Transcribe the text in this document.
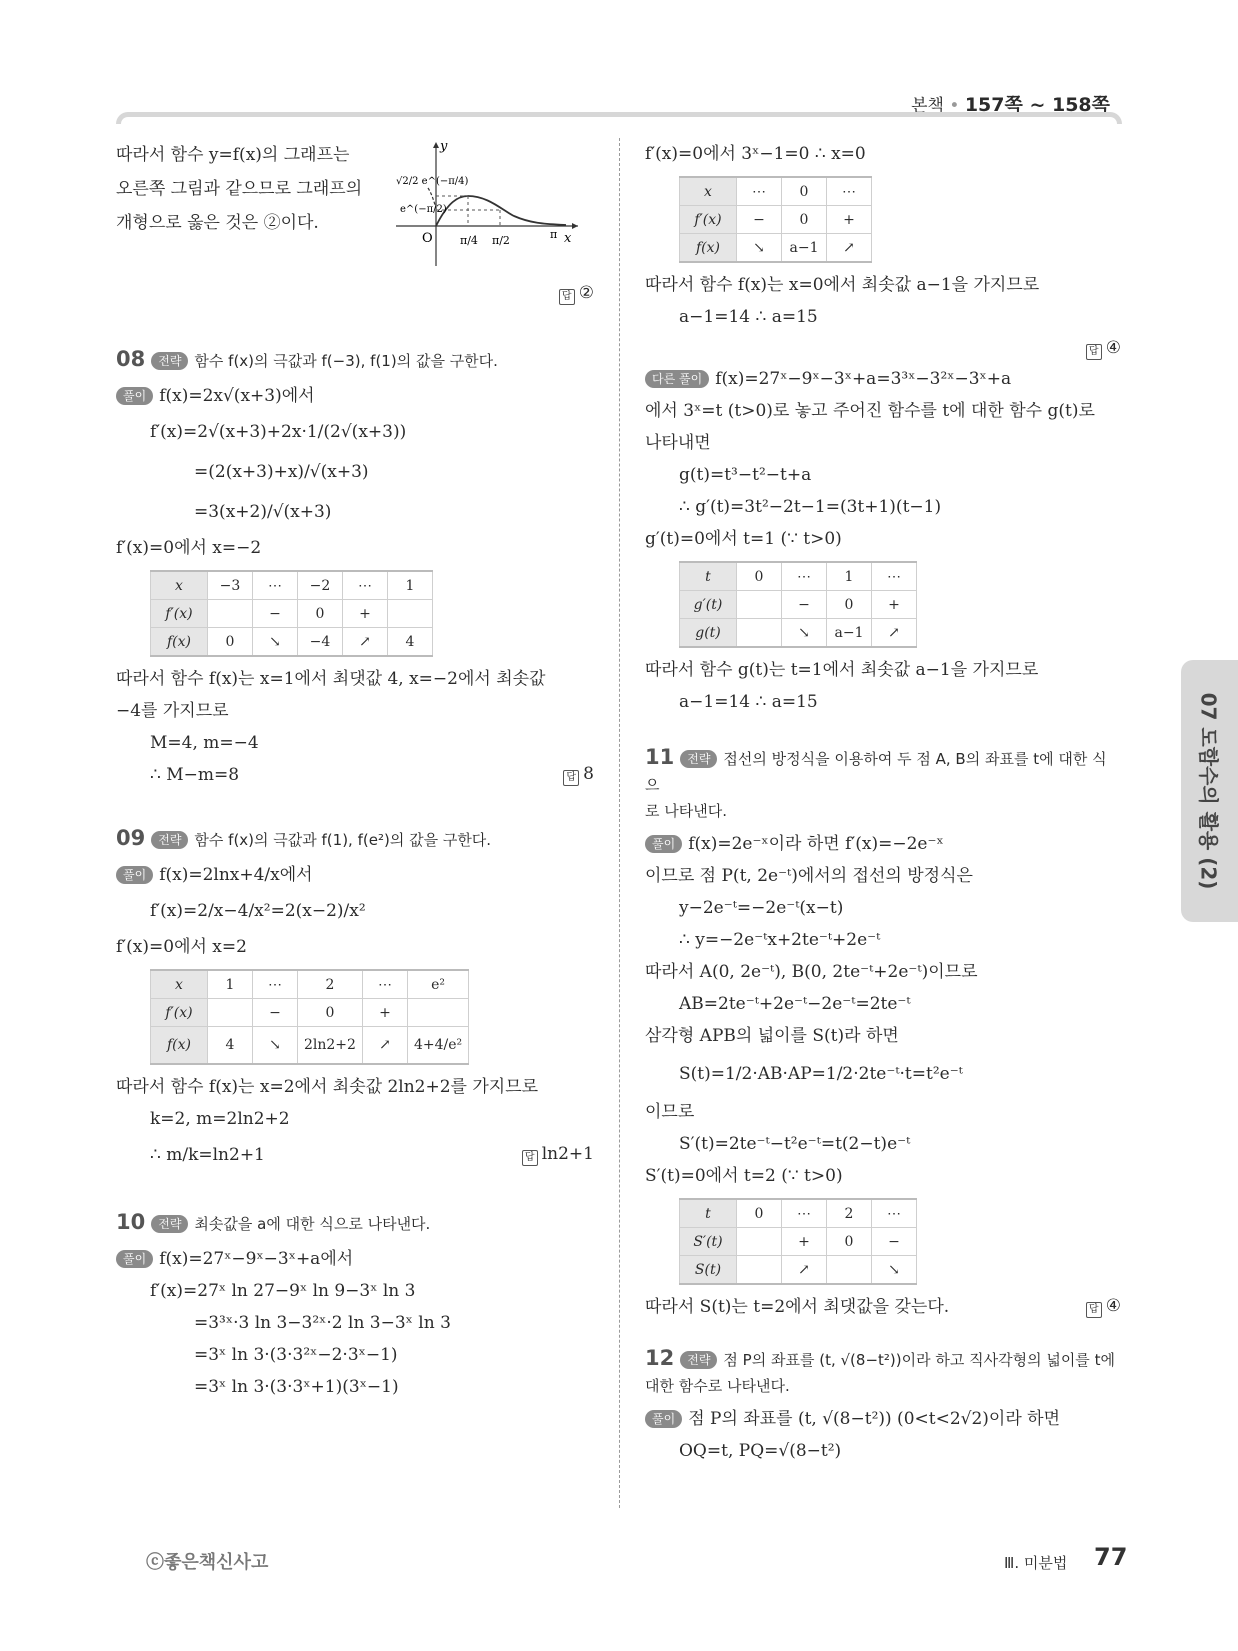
본책 • 157쪽 ~ 158쪽
07 도함수의 활용 (2)
따라서 함수 y=f(x)의 그래프는
오른쪽 그림과 같으므로 그래프의
개형으로 옳은 것은 ②이다.
y
x
O
√2/2 e^(−π/4)
e^(−π/2)
π/4 π/2	π
답 ②
08 전략 함수 f(x)의 극값과 f(−3), f(1)의 값을 구한다.
풀이 f(x)=2x√(x+3)에서
f′(x)=2√(x+3)+2x·1/(2√(x+3))
=(2(x+3)+x)/√(x+3)
=3(x+2)/√(x+3)
f′(x)=0에서 x=−2
x	−3	⋯	−2	⋯	1
f′(x)		−	0	+	
f(x)	0	↘	−4	↗	4
따라서 함수 f(x)는 x=1에서 최댓값 4, x=−2에서 최솟값
−4를 가지므로
M=4, m=−4
∴ M−m=8	답 8
09 전략 함수 f(x)의 극값과 f(1), f(e²)의 값을 구한다.
풀이 f(x)=2lnx+4/x에서
f′(x)=2/x−4/x²=2(x−2)/x²
f′(x)=0에서 x=2
x	1	⋯	2	⋯	e²
f′(x)		−	0	+	
f(x)	4	↘	2ln2+2	↗	4+4/e²
따라서 함수 f(x)는 x=2에서 최솟값 2ln2+2를 가지므로
k=2, m=2ln2+2
∴ m/k=ln2+1	답 ln2+1
10 전략 최솟값을 a에 대한 식으로 나타낸다.
풀이 f(x)=27ˣ−9ˣ−3ˣ+a에서
f′(x)=27ˣ ln 27−9ˣ ln 9−3ˣ ln 3
=3³ˣ·3 ln 3−3²ˣ·2 ln 3−3ˣ ln 3
=3ˣ ln 3·(3·3²ˣ−2·3ˣ−1)
=3ˣ ln 3·(3·3ˣ+1)(3ˣ−1)
f′(x)=0에서 3ˣ−1=0 ∴ x=0
x	⋯	0	⋯
f′(x)	−	0	+
f(x)	↘	a−1	↗
따라서 함수 f(x)는 x=0에서 최솟값 a−1을 가지므로
a−1=14 ∴ a=15
답 ④
다른 풀이 f(x)=27ˣ−9ˣ−3ˣ+a=3³ˣ−3²ˣ−3ˣ+a
에서 3ˣ=t (t>0)로 놓고 주어진 함수를 t에 대한 함수 g(t)로
나타내면
g(t)=t³−t²−t+a
∴ g′(t)=3t²−2t−1=(3t+1)(t−1)
g′(t)=0에서 t=1 (∵ t>0)
t	0	⋯	1	⋯
g′(t)		−	0	+
g(t)		↘	a−1	↗
따라서 함수 g(t)는 t=1에서 최솟값 a−1을 가지므로
a−1=14 ∴ a=15
11 전략 접선의 방정식을 이용하여 두 점 A, B의 좌표를 t에 대한 식으
로 나타낸다.
풀이 f(x)=2e⁻ˣ이라 하면 f′(x)=−2e⁻ˣ
이므로 점 P(t, 2e⁻ᵗ)에서의 접선의 방정식은
y−2e⁻ᵗ=−2e⁻ᵗ(x−t)
∴ y=−2e⁻ᵗx+2te⁻ᵗ+2e⁻ᵗ
따라서 A(0, 2e⁻ᵗ), B(0, 2te⁻ᵗ+2e⁻ᵗ)이므로
AB=2te⁻ᵗ+2e⁻ᵗ−2e⁻ᵗ=2te⁻ᵗ
삼각형 APB의 넓이를 S(t)라 하면
S(t)=1/2·AB·AP=1/2·2te⁻ᵗ·t=t²e⁻ᵗ
이므로
S′(t)=2te⁻ᵗ−t²e⁻ᵗ=t(2−t)e⁻ᵗ
S′(t)=0에서 t=2 (∵ t>0)
t	0	⋯	2	⋯
S′(t)		+	0	−
S(t)		↗		↘
따라서 S(t)는 t=2에서 최댓값을 갖는다.	답 ④
12 전략 점 P의 좌표를 (t, √(8−t²))이라 하고 직사각형의 넓이를 t에
대한 함수로 나타낸다.
풀이 점 P의 좌표를 (t, √(8−t²)) (0<t<2√2)이라 하면
OQ=t, PQ=√(8−t²)
ⓒ좋은책신사고	Ⅲ. 미분법 77
